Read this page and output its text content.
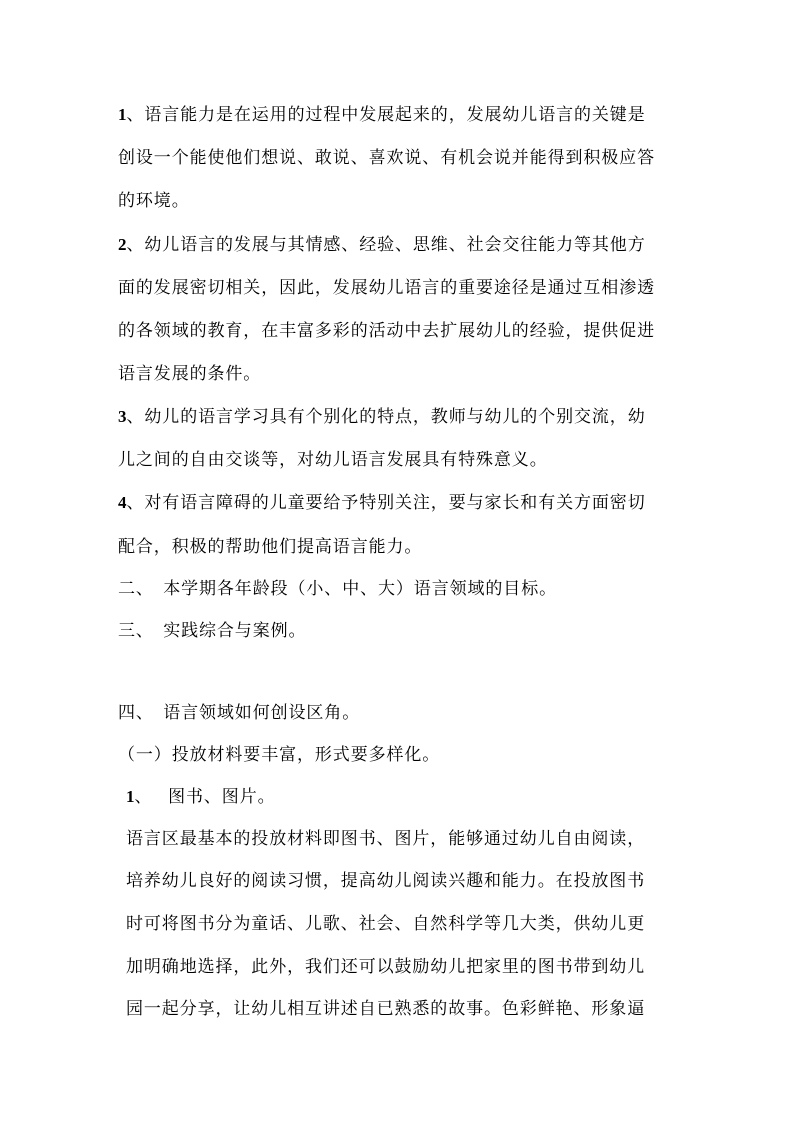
1、语言能力是在运用的过程中发展起来的，发展幼儿语言的关键是
创设一个能使他们想说、敢说、喜欢说、有机会说并能得到积极应答
的环境。
2、幼儿语言的发展与其情感、经验、思维、社会交往能力等其他方
面的发展密切相关，因此，发展幼儿语言的重要途径是通过互相渗透
的各领域的教育，在丰富多彩的活动中去扩展幼儿的经验，提供促进
语言发展的条件。
3、幼儿的语言学习具有个别化的特点，教师与幼儿的个别交流，幼
儿之间的自由交谈等，对幼儿语言发展具有特殊意义。
4、对有语言障碍的儿童要给予特别关注，要与家长和有关方面密切
配合，积极的帮助他们提高语言能力。
二、　本学期各年龄段（小、中、大）语言领域的目标。
三、　实践综合与案例。
四、　语言领域如何创设区角。
（一）投放材料要丰富，形式要多样化。
1、　 图书、图片。
语言区最基本的投放材料即图书、图片，能够通过幼儿自由阅读，
培养幼儿良好的阅读习惯，提高幼儿阅读兴趣和能力。在投放图书
时可将图书分为童话、儿歌、社会、自然科学等几大类，供幼儿更
加明确地选择，此外，我们还可以鼓励幼儿把家里的图书带到幼儿
园一起分享，让幼儿相互讲述自已熟悉的故事。色彩鲜艳、形象逼
